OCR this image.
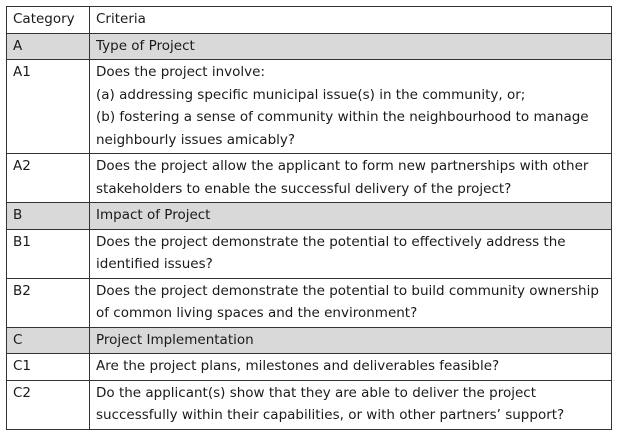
Category	Criteria
A	Type of Project
A1	Does the project involve:
(a) addressing specific municipal issue(s) in the community, or;
(b) fostering a sense of community within the neighbourhood to manage neighbourly issues amicably?

A2	Does the project allow the applicant to form new partnerships with other stakeholders to enable the successful delivery of the project?

B	Impact of Project
B1	Does the project demonstrate the potential to effectively address the identified issues?

B2	Does the project demonstrate the potential to build community ownership of common living spaces and the environment?

C	Project Implementation
C1	Are the project plans, milestones and deliverables feasible?

C2	Do the applicant(s) show that they are able to deliver the project successfully within their capabilities, or with other partners’ support?
